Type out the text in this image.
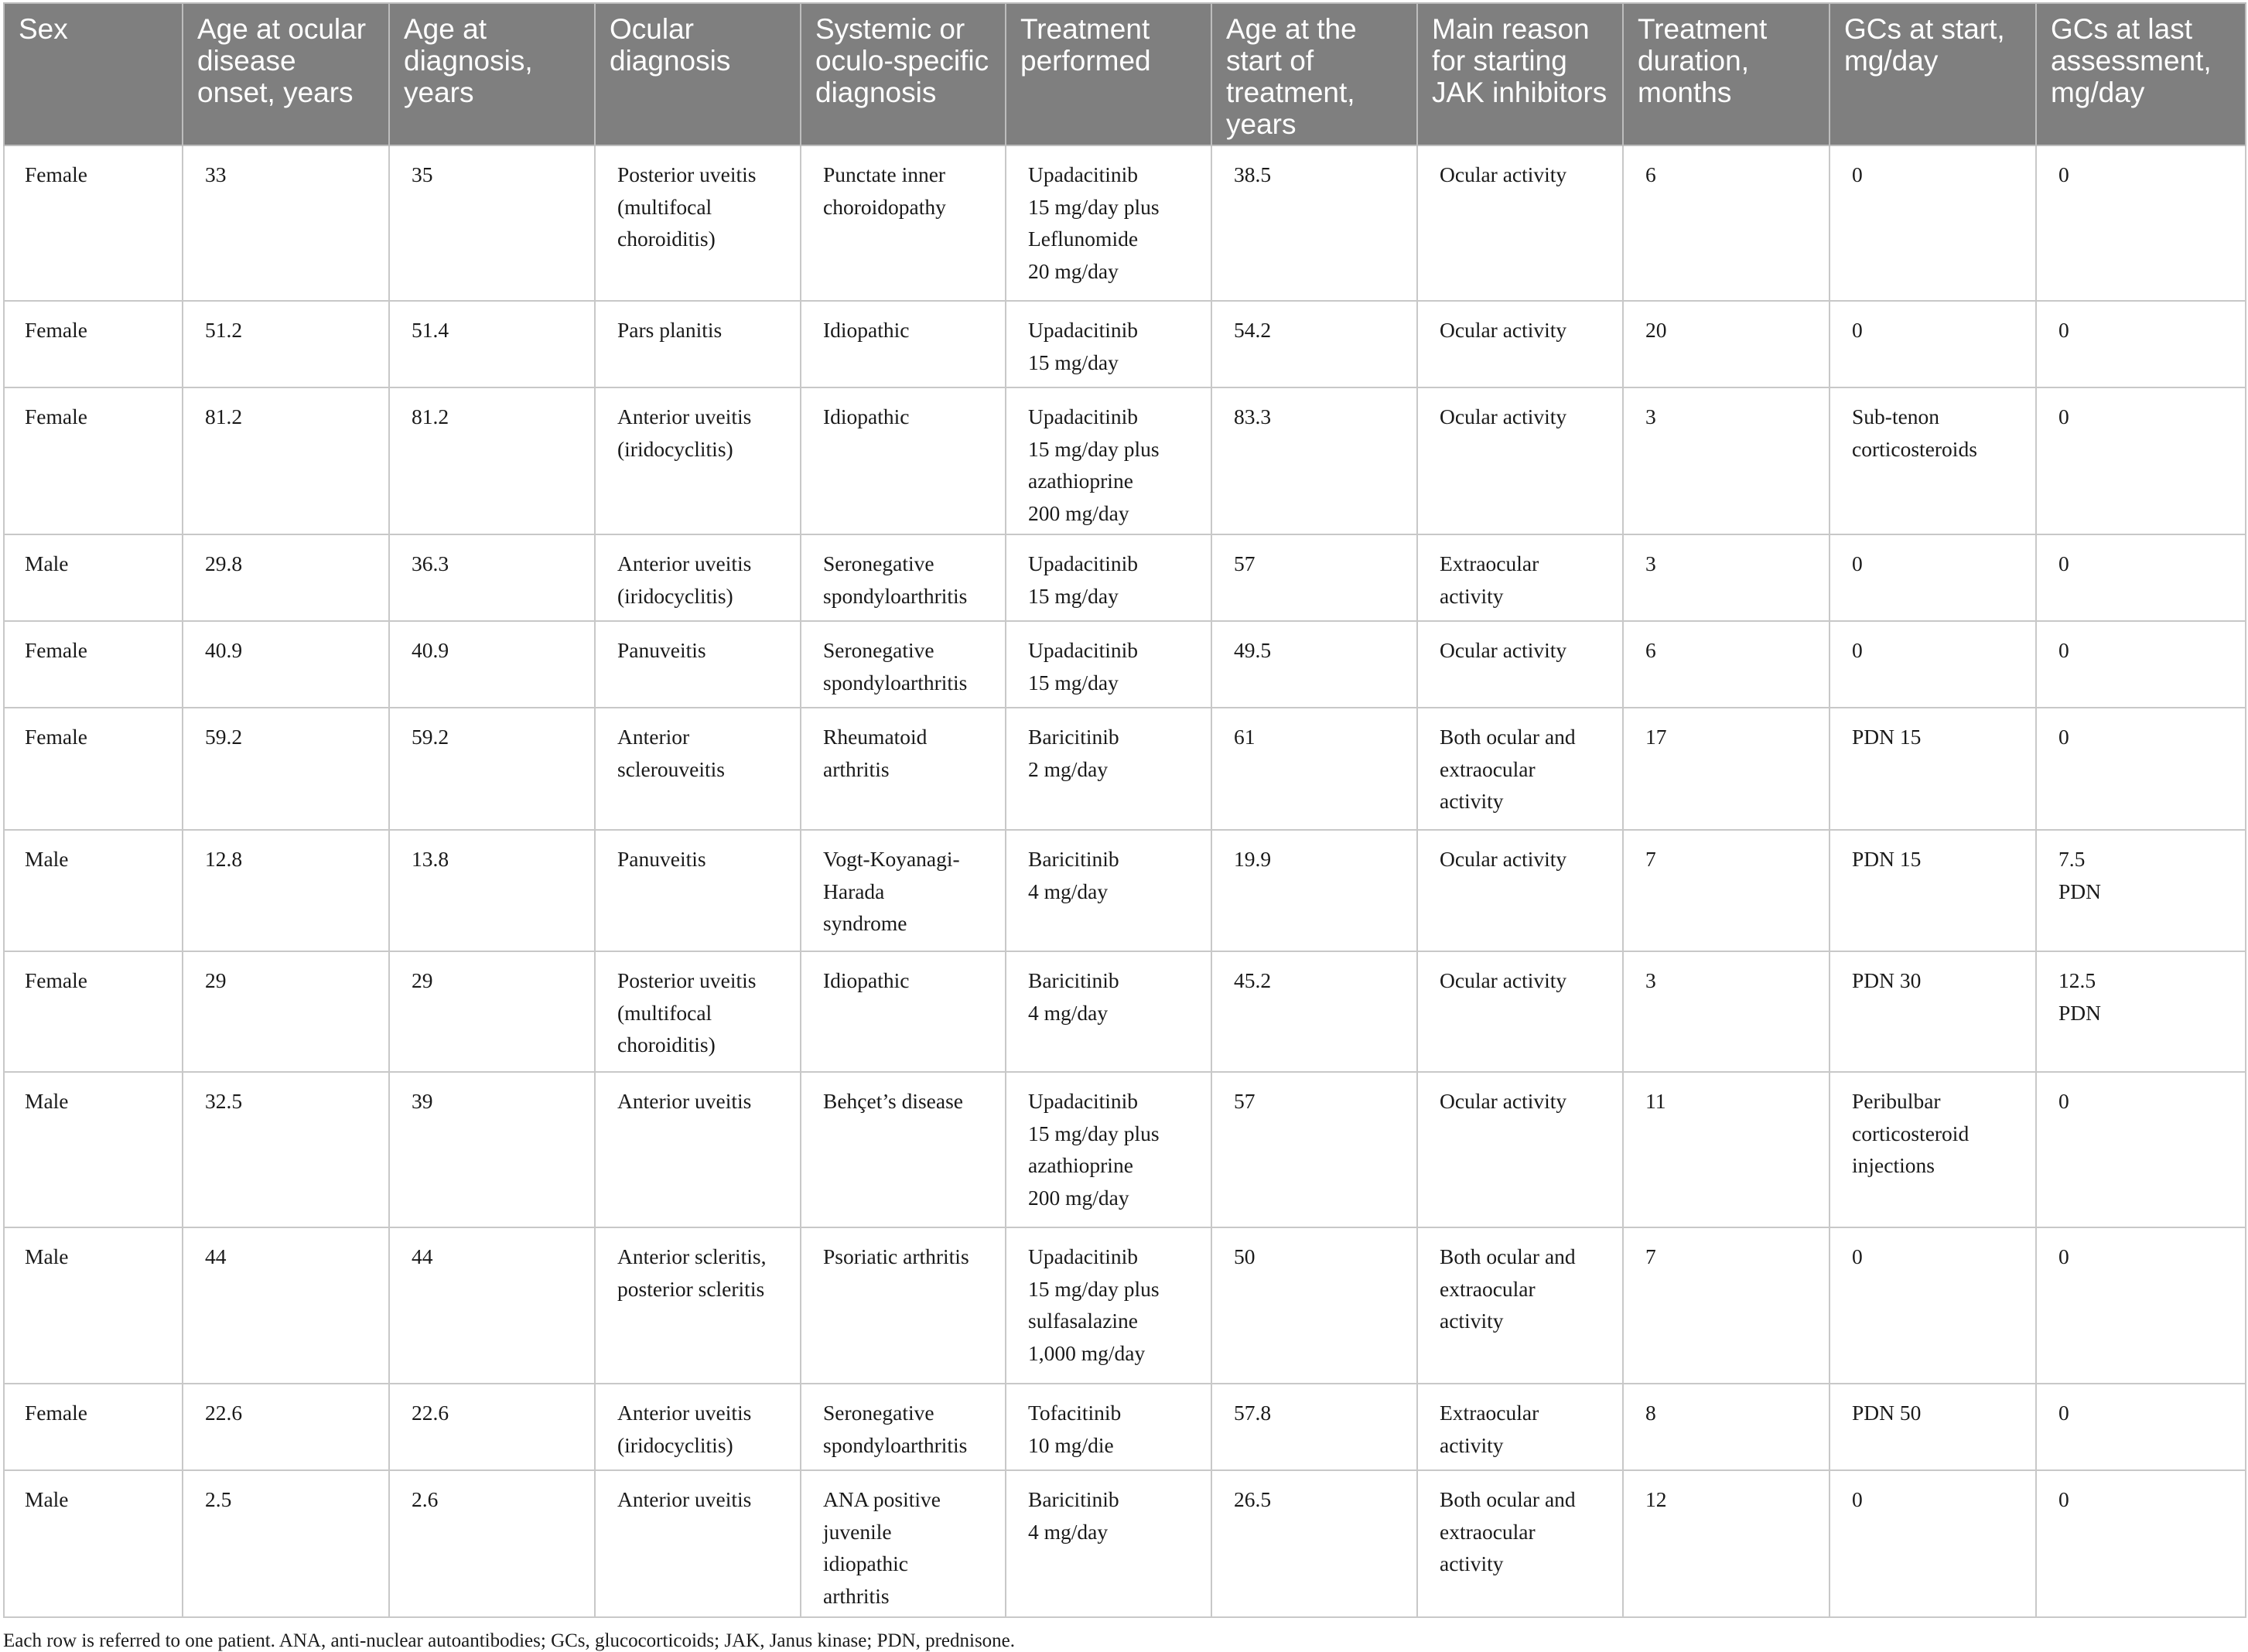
Sex	Age at ocular disease onset, years	Age at diagnosis, years	Ocular diagnosis	Systemic or oculo-specific diagnosis	Treatment performed	Age at the start of treatment, years	Main reason for starting JAK inhibitors	Treatment duration, months	GCs at start, mg/day	GCs at last assessment, mg/day
Female	33	35	Posterior uveitis
(multifocal
choroiditis)	Punctate inner
choroidopathy	Upadacitinib
15 mg/day plus
Leflunomide
20 mg/day	38.5	Ocular activity	6	0	0
Female	51.2	51.4	Pars planitis	Idiopathic	Upadacitinib
15 mg/day	54.2	Ocular activity	20	0	0
Female	81.2	81.2	Anterior uveitis
(iridocyclitis)	Idiopathic	Upadacitinib
15 mg/day plus
azathioprine
200 mg/day	83.3	Ocular activity	3	Sub-tenon
corticosteroids	0
Male	29.8	36.3	Anterior uveitis
(iridocyclitis)	Seronegative
spondyloarthritis	Upadacitinib
15 mg/day	57	Extraocular
activity	3	0	0
Female	40.9	40.9	Panuveitis	Seronegative
spondyloarthritis	Upadacitinib
15 mg/day	49.5	Ocular activity	6	0	0
Female	59.2	59.2	Anterior
sclerouveitis	Rheumatoid
arthritis	Baricitinib
2 mg/day	61	Both ocular and
extraocular
activity	17	PDN 15	0
Male	12.8	13.8	Panuveitis	Vogt-Koyanagi-
Harada
syndrome	Baricitinib
4 mg/day	19.9	Ocular activity	7	PDN 15	7.5
PDN
Female	29	29	Posterior uveitis
(multifocal
choroiditis)	Idiopathic	Baricitinib
4 mg/day	45.2	Ocular activity	3	PDN 30	12.5
PDN
Male	32.5	39	Anterior uveitis	Behçet’s disease	Upadacitinib
15 mg/day plus
azathioprine
200 mg/day	57	Ocular activity	11	Peribulbar
corticosteroid
injections	0
Male	44	44	Anterior scleritis,
posterior scleritis	Psoriatic arthritis	Upadacitinib
15 mg/day plus
sulfasalazine
1,000 mg/day	50	Both ocular and
extraocular
activity	7	0	0
Female	22.6	22.6	Anterior uveitis
(iridocyclitis)	Seronegative
spondyloarthritis	Tofacitinib
10 mg/die	57.8	Extraocular
activity	8	PDN 50	0
Male	2.5	2.6	Anterior uveitis	ANA positive
juvenile
idiopathic
arthritis	Baricitinib
4 mg/day	26.5	Both ocular and
extraocular
activity	12	0	0
Each row is referred to one patient. ANA, anti-nuclear autoantibodies; GCs, glucocorticoids; JAK, Janus kinase; PDN, prednisone.
